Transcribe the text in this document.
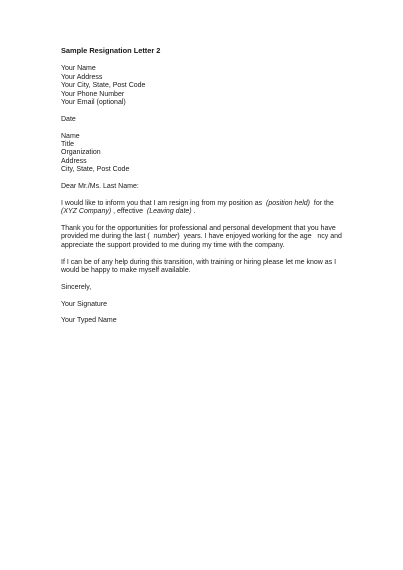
Sample Resignation Letter 2
Your Name
Your Address
Your City, State, Post Code
Your Phone Number
Your Email (optional)
Date
Name
Title
Organization
Address
City, State, Post Code
Dear Mr./Ms. Last Name:
I would like to inform you that I am resign ing from my position as  (position held)  for the  (XYZ Company) , effective  (Leaving date) .
Thank you for the opportunities for professional and personal development that you have provided me during the last (  number)  years. I have enjoyed working for the age   ncy and appreciate the support provided to me during my time with the company.
If I can be of any help during this transition, with training or hiring please let me know as I would be happy to make myself available.
Sincerely,
Your Signature
Your Typed Name
